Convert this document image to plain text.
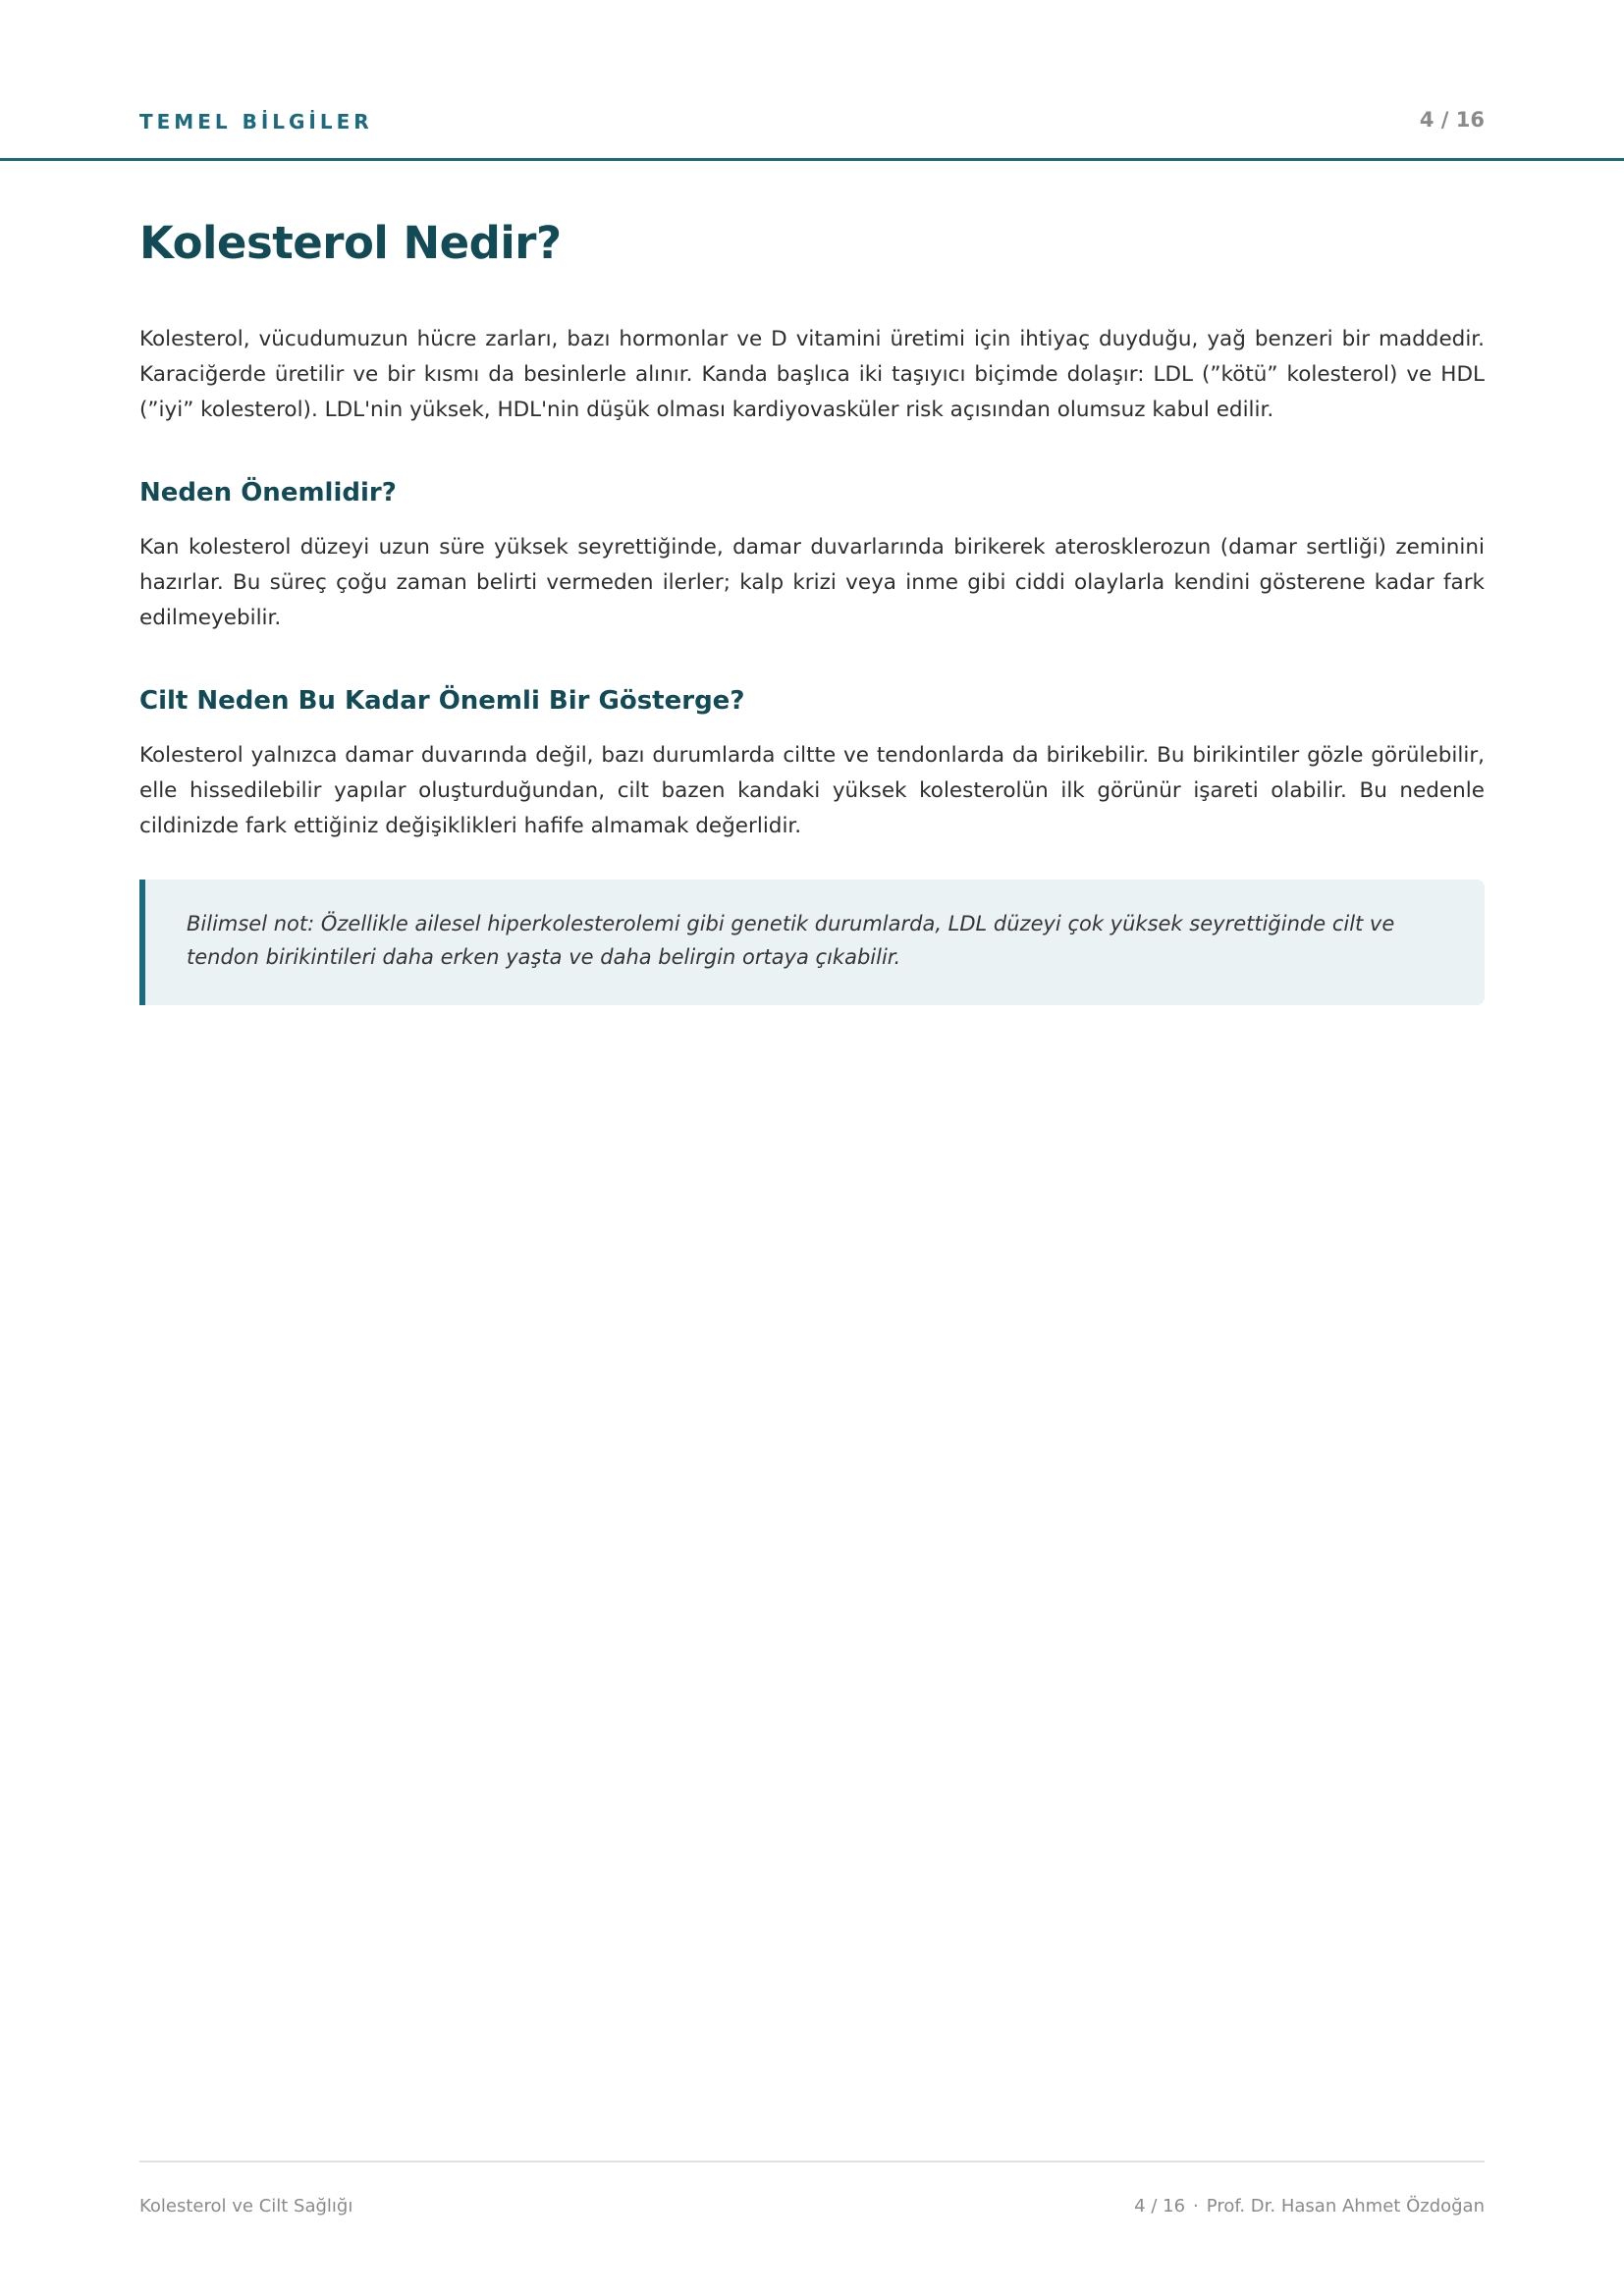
TEMEL BİLGİLER	4 / 16
Kolesterol Nedir?

Kolesterol, vücudumuzun hücre zarları, bazı hormonlar ve D vitamini üretimi için ihtiyaç duyduğu, yağ benzeri bir maddedir. Karaciğerde üretilir ve bir kısmı da besinlerle alınır. Kanda başlıca iki taşıyıcı biçimde dolaşır: LDL (”kötü” kolesterol) ve HDL (”iyi” kolesterol). LDL'nin yüksek, HDL'nin düşük olması kardiyovasküler risk açısından olumsuz kabul edilir.

Neden Önemlidir?

Kan kolesterol düzeyi uzun süre yüksek seyrettiğinde, damar duvarlarında birikerek aterosklerozun (damar sertliği) zeminini hazırlar. Bu süreç çoğu zaman belirti vermeden ilerler; kalp krizi veya inme gibi ciddi olaylarla kendini gösterene kadar fark edilmeyebilir.

Cilt Neden Bu Kadar Önemli Bir Gösterge?

Kolesterol yalnızca damar duvarında değil, bazı durumlarda ciltte ve tendonlarda da birikebilir. Bu birikintiler gözle görülebilir, elle hissedilebilir yapılar oluşturduğundan, cilt bazen kandaki yüksek kolesterolün ilk görünür işareti olabilir. Bu nedenle cildinizde fark ettiğiniz değişiklikleri hafife almamak değerlidir.

Bilimsel not: Özellikle ailesel hiperkolesterolemi gibi genetik durumlarda, LDL düzeyi çok yüksek seyrettiğinde cilt ve tendon birikintileri daha erken yaşta ve daha belirgin ortaya çıkabilir.

Kolesterol ve Cilt Sağlığı	4 / 16 · Prof. Dr. Hasan Ahmet Özdoğan
